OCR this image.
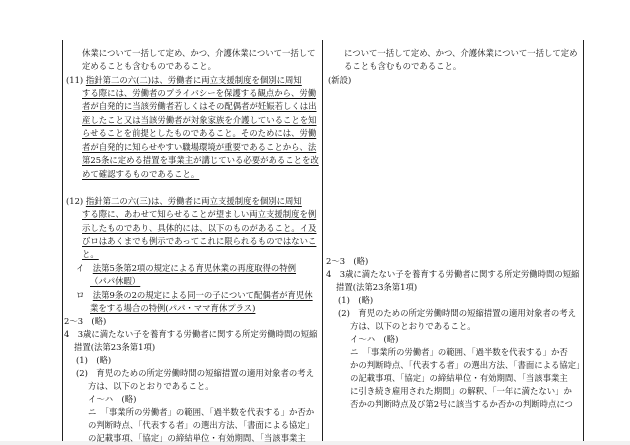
休業について一括して定め、かつ、介護休業について一括して
定めることも含むものであること。
(11) 指針第二の六(二)は、労働者に両立支援制度を個別に周知
する際には、労働者のプライバシーを保護する観点から、労働
者が自発的に当該労働者若しくはその配偶者が妊娠若しくは出
産したこと又は当該労働者が対象家族を介護していることを知
らせることを前提としたものであること。そのためには、労働
者が自発的に知らせやすい職場環境が重要であることから、法
第25条に定める措置を事業主が講じている必要があることを改
めて確認するものであること。
(12) 指針第二の六(三)は、労働者に両立支援制度を個別に周知
する際に、あわせて知らせることが望ましい両立支援制度を例
示したものであり、具体的には、以下のものがあること。イ及
びロはあくまでも例示であってこれに限られるものではないこ
と。
イ　 法第5条第2項の規定による育児休業の再度取得の特例
（パパ休暇）
ロ　 法第9条の2の規定による同一の子について配偶者が育児休
業をする場合の特例(パパ・ママ育休プラス)
2～3　(略)
4　3歳に満たない子を養育する労働者に関する所定労働時間の短縮
措置(法第23条第1項)
(1)　(略)
(2)　育児のための所定労働時間の短縮措置の適用対象者の考え
方は、以下のとおりであること。
イ～ハ　(略)
ニ　「事業所の労働者」の範囲、「過半数を代表する」か否か
の判断時点、「代表する者」の選出方法、「書面による協定」
の記載事項、「協定」の締結単位・有効期間、「当該事業主
について一括して定め、かつ、介護休業について一括して定め
ることも含むものであること。
(新設)
2～3　(略)
4　3歳に満たない子を養育する労働者に関する所定労働時間の短縮
措置(法第23条第1項)
(1)　(略)
(2)　育児のための所定労働時間の短縮措置の適用対象者の考え
方は、以下のとおりであること。
イ～ハ　(略)
ニ　「事業所の労働者」の範囲、「過半数を代表する」か否
かの判断時点、「代表する者」の選出方法、「書面による協定」
の記載事項、「協定」の締結単位・有効期間、「当該事業主
に引き続き雇用された期間」の解釈、「一年に満たない」か
否かの判断時点及び第2号に該当するか否かの判断時点につ
